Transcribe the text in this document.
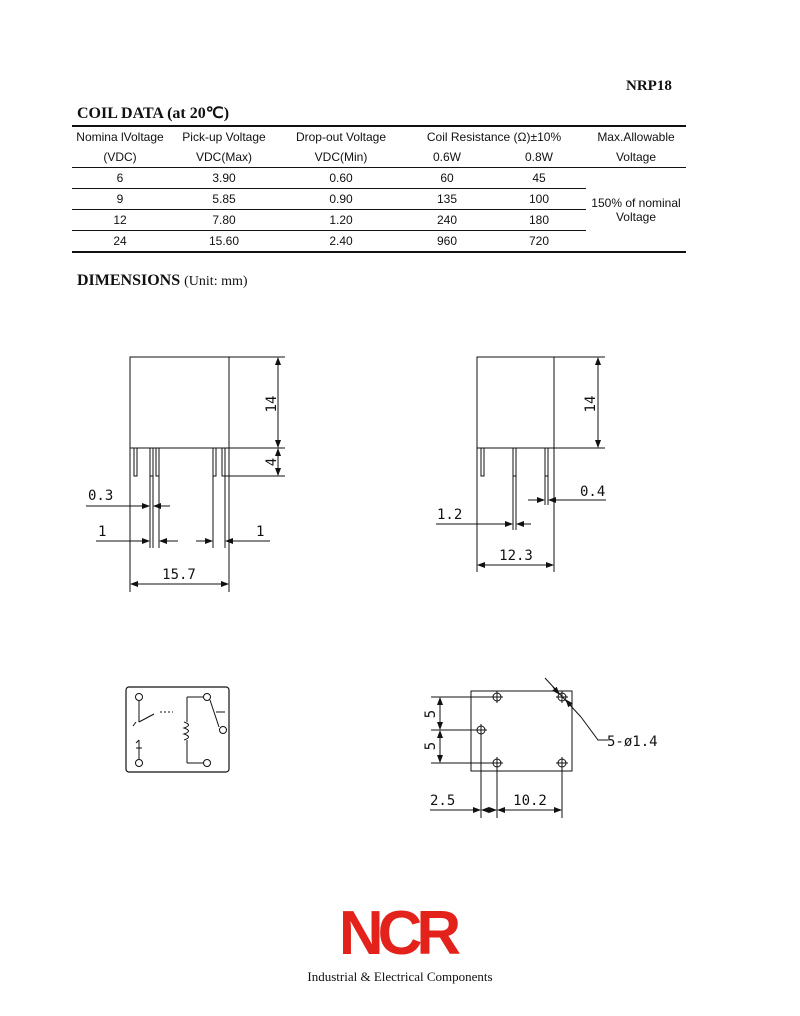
NRP18
COIL DATA (at 20℃)
Nomina lVoltage	Pick-up Voltage	Drop-out Voltage	Coil Resistance (Ω)±10%		Max.Allowable
(VDC)	VDC(Max)	VDC(Min)	0.6W	0.8W	Voltage
6	3.90	0.60	60	45	150% of nominal
Voltage

9	5.85	0.90	135	100	
12	7.80	1.20	240	180	
24	15.60	2.40	960	720	
DIMENSIONS (Unit: mm)
14
4
0.3
1	1
15.7
14
0.4
1.2
12.3
5
5	5-ø1.4
2.5	10.2
NCR
Industrial & Electrical Components
